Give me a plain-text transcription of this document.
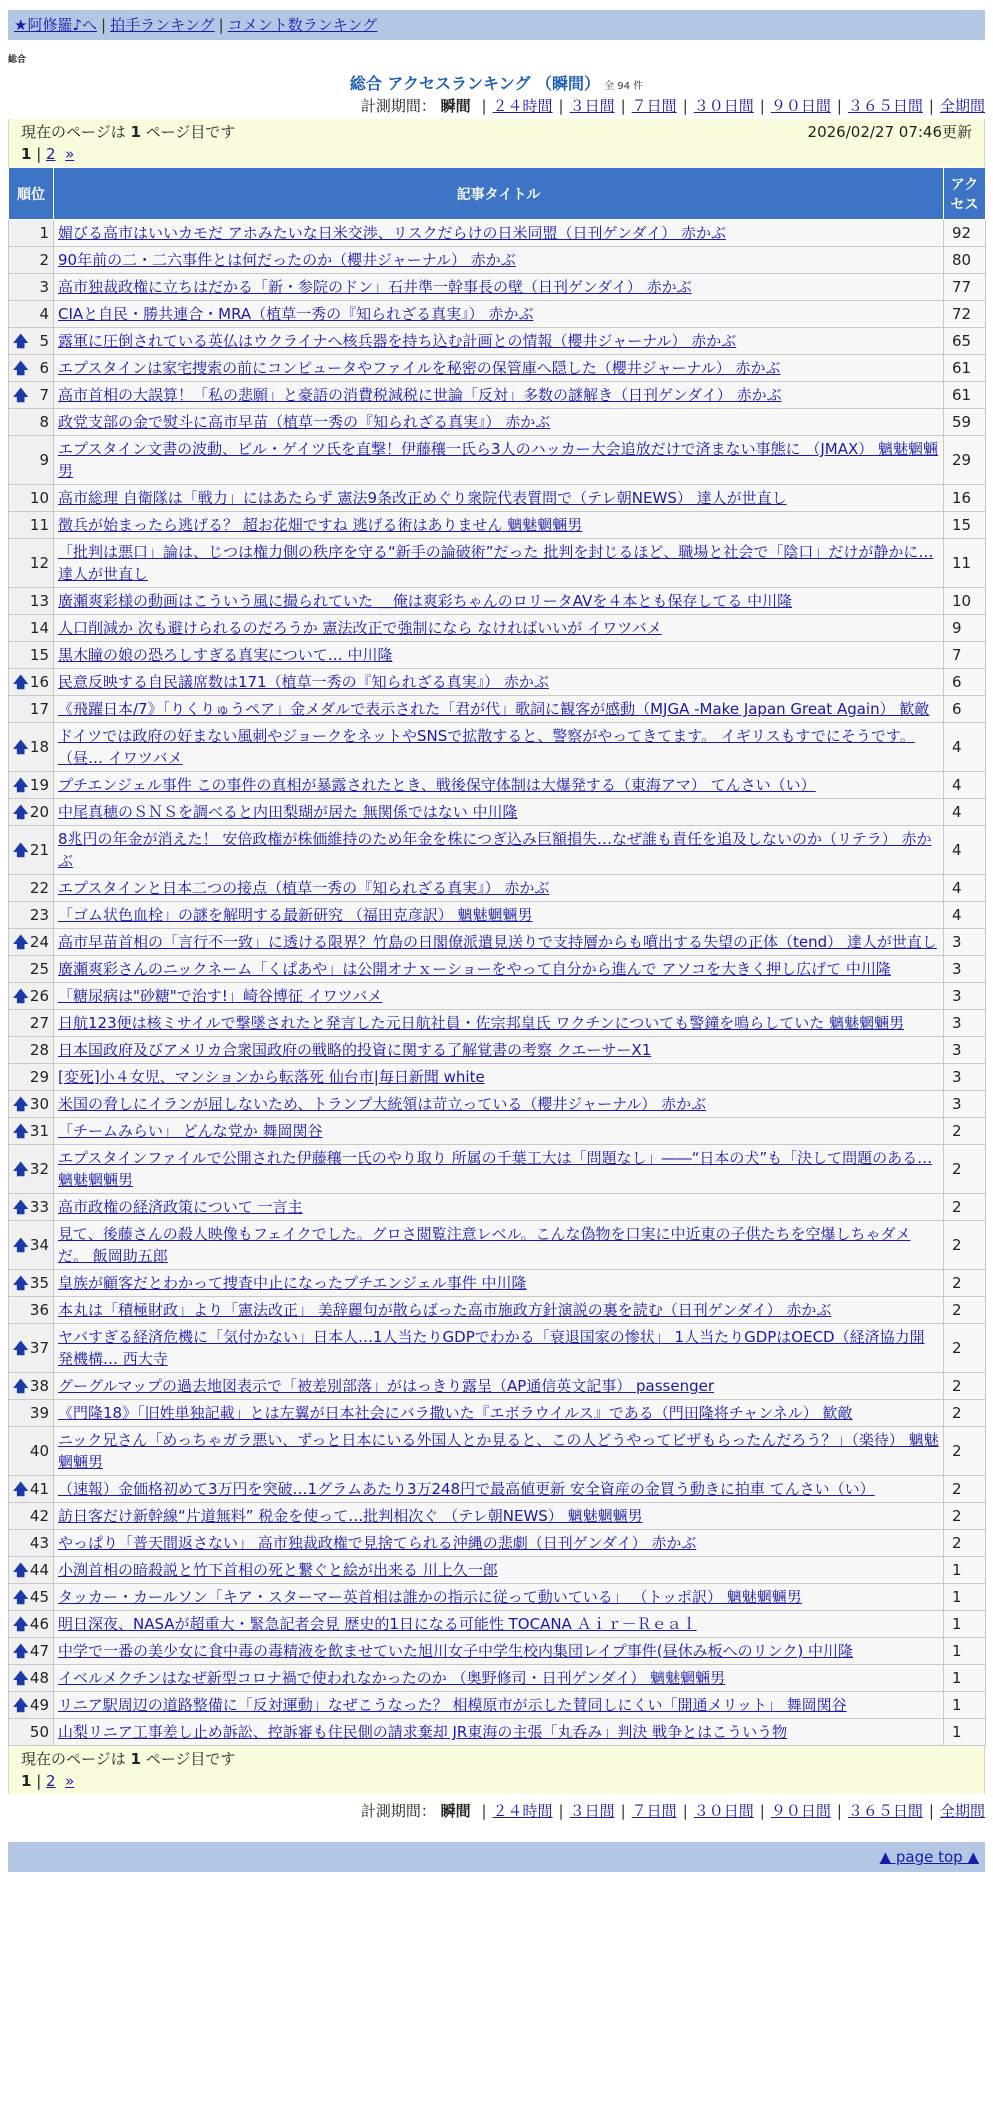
★阿修羅♪へ | 拍手ランキング | コメント数ランキング
総合
総合 アクセスランキング （瞬間） 全 94 件
計測期間： 瞬間 | ２４時間 | ３日間 | ７日間 | ３０日間 | ９０日間 | ３６５日間 | 全期間
現在のページは 1 ページ目です	2026/02/27 07:46更新
1 | 2 »
順位	記事タイトル	アクセス
1	媚びる高市はいいカモだ アホみたいな日米交渉、リスクだらけの日米同盟（日刊ゲンダイ） 赤かぶ	92
2	90年前の二・二六事件とは何だったのか（櫻井ジャーナル） 赤かぶ	80
3	高市独裁政権に立ちはだかる「新・参院のドン」石井準一幹事長の壁（日刊ゲンダイ） 赤かぶ	77
4	CIAと自民・勝共連合・MRA（植草一秀の『知られざる真実』） 赤かぶ	72

🡅 5	露軍に圧倒されている英仏はウクライナへ核兵器を持ち込む計画との情報（櫻井ジャーナル） 赤かぶ	65

🡅 6	エプスタインは家宅捜索の前にコンピュータやファイルを秘密の保管庫へ隠した（櫻井ジャーナル） 赤かぶ	61

🡅 7	高市首相の大誤算！「私の悲願」と豪語の消費税減税に世論「反対」多数の謎解き（日刊ゲンダイ） 赤かぶ	61
8	政党支部の金で熨斗に高市早苗（植草一秀の『知られざる真実』） 赤かぶ	59
9	エプスタイン文書の波動、ビル・ゲイツ氏を直撃！伊藤穰一氏ら3人のハッカー大会追放だけで済まない事態に （JMAX） 魑魅魍魎男	29
10	高市総理 自衛隊は「戦力」にはあたらず 憲法9条改正めぐり衆院代表質問で（テレ朝NEWS） 達人が世直し	16
11	徴兵が始まったら逃げる？ 超お花畑ですね 逃げる術はありません 魑魅魍魎男	15
12	「批判は悪口」論は、じつは権力側の秩序を守る“新手の論破術”だった 批判を封じるほど、職場と社会で「陰口」だけが静かに… 達人が世直し	11
13	廣瀬爽彩様の動画はこういう風に撮られていた ＿俺は爽彩ちゃんのロリータAVを４本とも保存してる 中川隆	10
14	人口削減か 次も避けられるのだろうか 憲法改正で強制になら なければいいが イワツバメ	9
15	黒木瞳の娘の恐ろしすぎる真実について… 中川隆	7

🡅 16	民意反映する自民議席数は171（植草一秀の『知られざる真実』） 赤かぶ	6
17	《飛躍日本/7》「りくりゅうペア」金メダルで表示された「君が代」歌詞に観客が感動（MJGA -Make Japan Great Again） 歓敵	6

🡅 18	ドイツでは政府の好まない風刺やジョークをネットやSNSで拡散すると、警察がやってきてます。 イギリスもすでにそうです。（昼… イワツバメ	4

🡅 19	プチエンジェル事件 この事件の真相が暴露されたとき、戦後保守体制は大爆発する（東海アマ） てんさい（い）	4

🡅 20	中尾真穂のＳＮＳを調べると内田梨瑚が居た 無関係ではない 中川隆	4

🡅 21	8兆円の年金が消えた！ 安倍政権が株価維持のため年金を株につぎ込み巨額損失…なぜ誰も責任を追及しないのか（リテラ） 赤かぶ	4
22	エプスタインと日本二つの接点（植草一秀の『知られざる真実』） 赤かぶ	4
23	「ゴム状色血栓」の謎を解明する最新研究 （福田克彦訳） 魑魅魍魎男	4

🡅 24	高市早苗首相の「言行不一致」に透ける限界？竹島の日閣僚派遣見送りで支持層からも噴出する失望の正体（tend） 達人が世直し	3
25	廣瀬爽彩さんのニックネーム「くぱあや」は公開オナｘーショーをやって自分から進んで アソコを大きく押し広げて 中川隆	3

🡅 26	「糖尿病は"砂糖"で治す!」崎谷博征 イワツバメ	3
27	日航123便は核ミサイルで撃墜されたと発言した元日航社員・佐宗邦皇氏 ワクチンについても警鐘を鳴らしていた 魑魅魍魎男	3
28	日本国政府及びアメリカ合衆国政府の戦略的投資に関する了解覚書の考察 クエーサーX1	3
29	[変死]小４女児、マンションから転落死 仙台市|毎日新聞 white	3

🡅 30	米国の脅しにイランが屈しないため、トランプ大統領は苛立っている（櫻井ジャーナル） 赤かぶ	3

🡅 31	「チームみらい」 どんな党か 舞岡関谷	2

🡅 32	エプスタインファイルで公開された伊藤穰一氏のやり取り 所属の千葉工大は「問題なし」――“日本の犬”も「決して問題のある… 魑魅魍魎男	2

🡅 33	高市政権の経済政策について 一言主	2

🡅 34	見て、後藤さんの殺人映像もフェイクでした。グロさ閲覧注意レベル。こんな偽物を口実に中近東の子供たちを空爆しちゃダメだ。 飯岡助五郎	2

🡅 35	皇族が顧客だとわかって捜査中止になったプチエンジェル事件 中川隆	2
36	本丸は「積極財政」より「憲法改正」 美辞麗句が散らばった高市施政方針演説の裏を読む（日刊ゲンダイ） 赤かぶ	2

🡅 37	ヤバすぎる経済危機に「気付かない」日本人…1人当たりGDPでわかる「衰退国家の惨状」 1人当たりGDPはOECD（経済協力開発機構… 西大寺	2

🡅 38	グーグルマップの過去地図表示で「被差別部落」がはっきり露呈（AP通信英文記事） passenger	2
39	《門隆18》「旧姓単独記載」とは左翼が日本社会にバラ撒いた『エボラウイルス』である（門田隆将チャンネル） 歓敵	2
40	ニック兄さん「めっちゃガラ悪い、ずっと日本にいる外国人とか見ると、この人どうやってビザもらったんだろう？」（楽待） 魑魅魍魎男	2

🡅 41	（速報）金価格初めて3万円を突破…1グラムあたり3万248円で最高値更新 安全資産の金買う動きに拍車 てんさい（い）	2
42	訪日客だけ新幹線“片道無料” 税金を使って…批判相次ぐ （テレ朝NEWS） 魑魅魍魎男	2
43	やっぱり「普天間返さない」 高市独裁政権で見捨てられる沖縄の悲劇（日刊ゲンダイ） 赤かぶ	2

🡅 44	小渕首相の暗殺説と竹下首相の死と繋ぐと絵が出来る 川上久一郎	1

🡅 45	タッカー・カールソン「キア・スターマー英首相は誰かの指示に従って動いている」 （トッポ訳） 魑魅魍魎男	1

🡅 46	明日深夜、NASAが超重大・緊急記者会見 歴史的1日になる可能性 TOCANA Ａｉｒ－Ｒｅａｌ	1

🡅 47	中学で一番の美少女に食中毒の毒精液を飲ませていた旭川女子中学生校内集団レイプ事件(昼休み板へのリンク) 中川隆	1

🡅 48	イベルメクチンはなぜ新型コロナ禍で使われなかったのか （奥野修司・日刊ゲンダイ） 魑魅魍魎男	1

🡅 49	リニア駅周辺の道路整備に「反対運動」なぜこうなった？ 相模原市が示した賛同しにくい「開通メリット」 舞岡関谷	1
50	山梨リニア工事差し止め訴訟、控訴審も住民側の請求棄却 JR東海の主張「丸呑み」判決 戦争とはこういう物	1
現在のページは 1 ページ目です
1 | 2 »
計測期間： 瞬間 | ２４時間 | ３日間 | ７日間 | ３０日間 | ９０日間 | ３６５日間 | 全期間
▲ page top ▲
